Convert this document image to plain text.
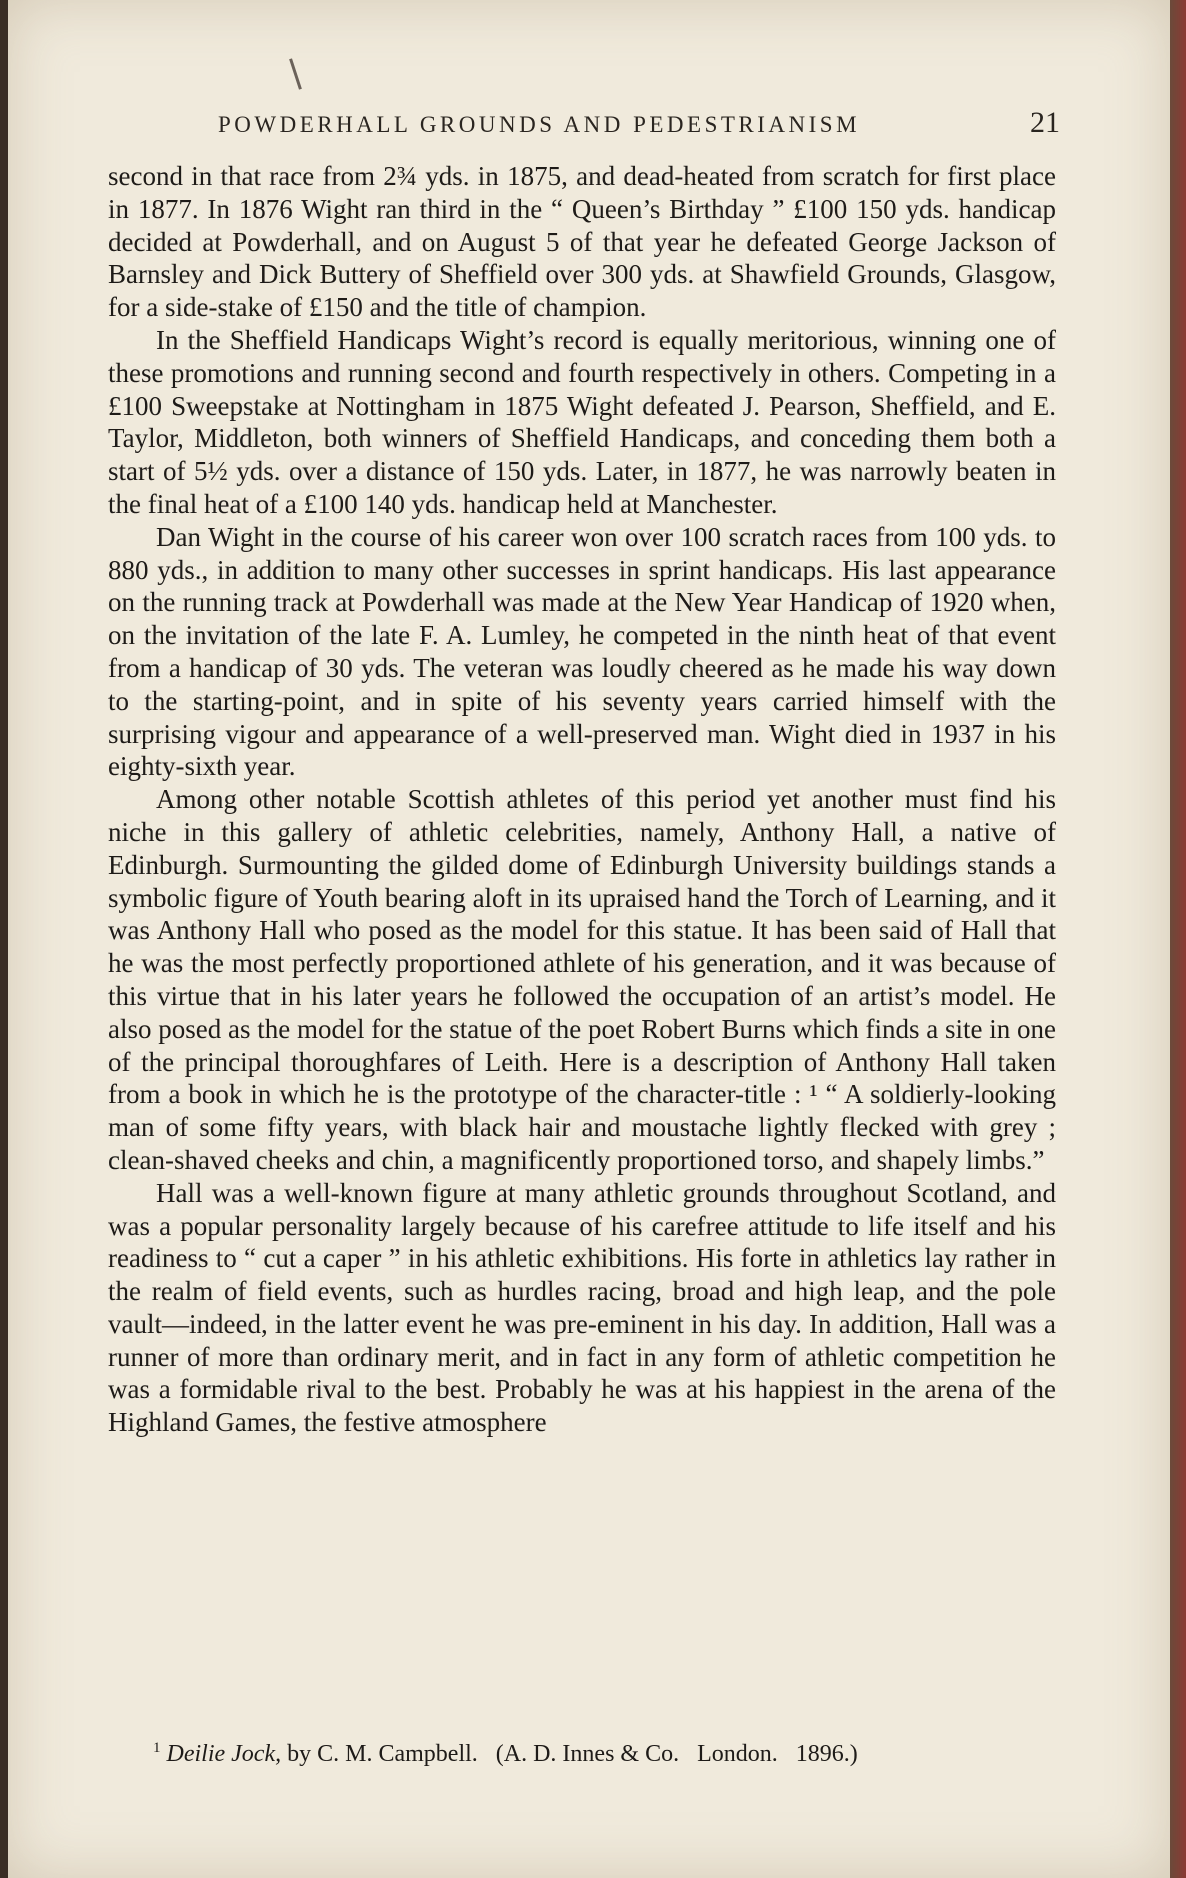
POWDERHALL GROUNDS AND PEDESTRIANISM	21

second in that race from 2¾ yds. in 1875, and dead-heated from scratch for first place in 1877. In 1876 Wight ran third in the “ Queen’s Birthday ” £100 150 yds. handicap decided at Powderhall, and on August 5 of that year he defeated George Jackson of Barnsley and Dick Buttery of Sheffield over 300 yds. at Shawfield Grounds, Glasgow, for a side-stake of £150 and the title of champion.

In the Sheffield Handicaps Wight’s record is equally meritorious, winning one of these promotions and running second and fourth respectively in others. Competing in a £100 Sweepstake at Nottingham in 1875 Wight defeated J. Pearson, Sheffield, and E. Taylor, Middleton, both winners of Sheffield Handicaps, and conceding them both a start of 5½ yds. over a distance of 150 yds. Later, in 1877, he was narrowly beaten in the final heat of a £100 140 yds. handicap held at Manchester.

Dan Wight in the course of his career won over 100 scratch races from 100 yds. to 880 yds., in addition to many other successes in sprint handicaps. His last appearance on the running track at Powderhall was made at the New Year Handicap of 1920 when, on the invitation of the late F. A. Lumley, he competed in the ninth heat of that event from a handicap of 30 yds. The veteran was loudly cheered as he made his way down to the starting-point, and in spite of his seventy years carried himself with the surprising vigour and appearance of a well-preserved man. Wight died in 1937 in his eighty-sixth year.

Among other notable Scottish athletes of this period yet another must find his niche in this gallery of athletic celebrities, namely, Anthony Hall, a native of Edinburgh. Surmounting the gilded dome of Edinburgh University buildings stands a symbolic figure of Youth bearing aloft in its upraised hand the Torch of Learning, and it was Anthony Hall who posed as the model for this statue. It has been said of Hall that he was the most perfectly proportioned athlete of his generation, and it was because of this virtue that in his later years he followed the occupation of an artist’s model. He also posed as the model for the statue of the poet Robert Burns which finds a site in one of the principal thoroughfares of Leith. Here is a description of Anthony Hall taken from a book in which he is the prototype of the character-title : ¹ “ A soldierly-looking man of some fifty years, with black hair and moustache lightly flecked with grey ; clean-shaved cheeks and chin, a magnificently proportioned torso, and shapely limbs.”

Hall was a well-known figure at many athletic grounds throughout Scotland, and was a popular personality largely because of his carefree attitude to life itself and his readiness to “ cut a caper ” in his athletic exhibitions. His forte in athletics lay rather in the realm of field events, such as hurdles racing, broad and high leap, and the pole vault—indeed, in the latter event he was pre-eminent in his day. In addition, Hall was a runner of more than ordinary merit, and in fact in any form of athletic competition he was a formidable rival to the best. Probably he was at his happiest in the arena of the Highland Games, the festive atmosphere

$^1$ Deilie Jock, by C. M. Campbell.   (A. D. Innes & Co.   London.   1896.)
